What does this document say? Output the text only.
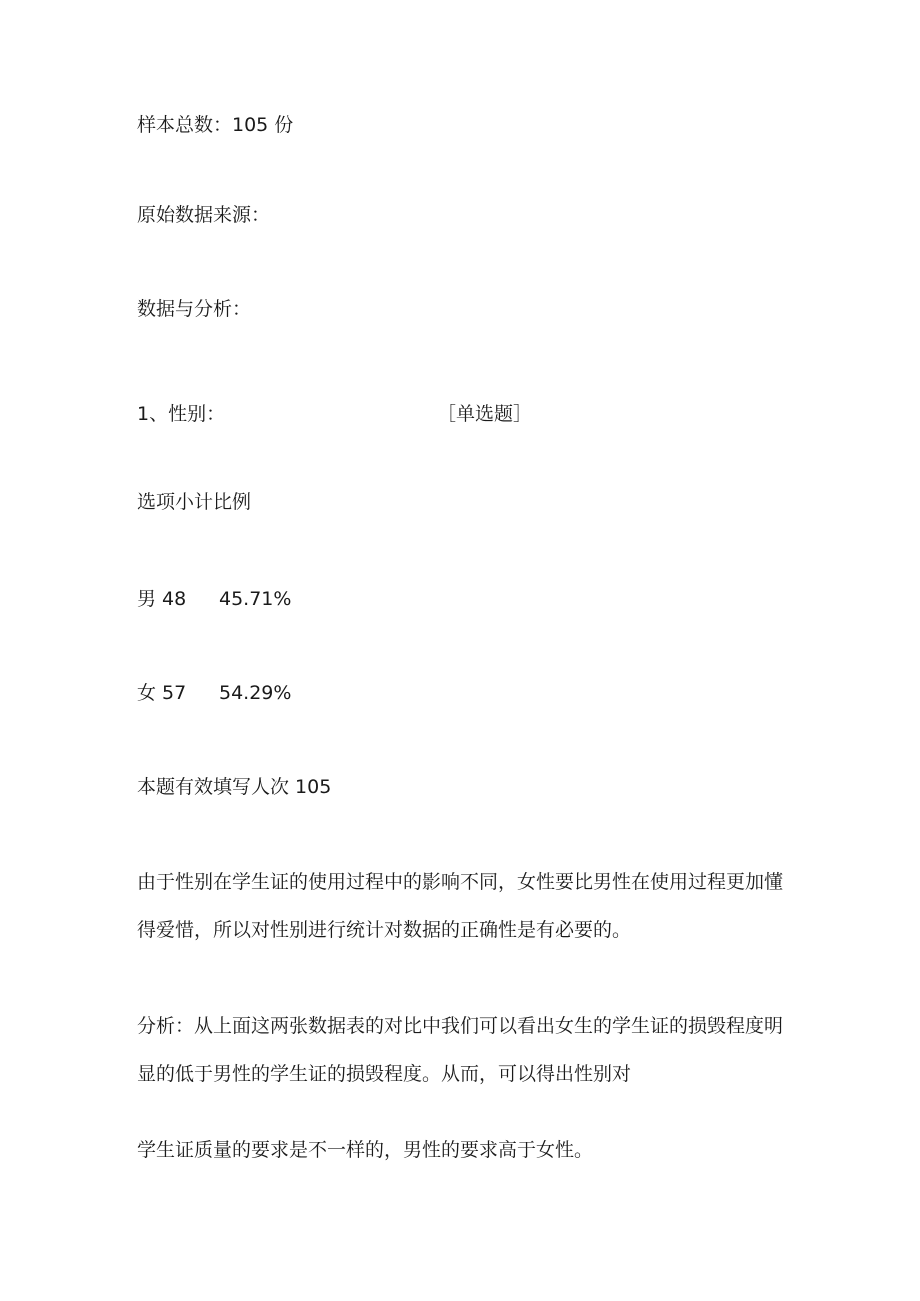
样本总数：105 份
原始数据来源：
数据与分析：
1、性别：	［单选题］
选项小计比例
男 48 45.71%
女 57 54.29%
本题有效填写人次 105
由于性别在学生证的使用过程中的影响不同，女性要比男性在使用过程更加懂得爱惜，所以对性别进行统计对数据的正确性是有必要的。
分析：从上面这两张数据表的对比中我们可以看出女生的学生证的损毁程度明显的低于男性的学生证的损毁程度。从而，可以得出性别对
学生证质量的要求是不一样的，男性的要求高于女性。
